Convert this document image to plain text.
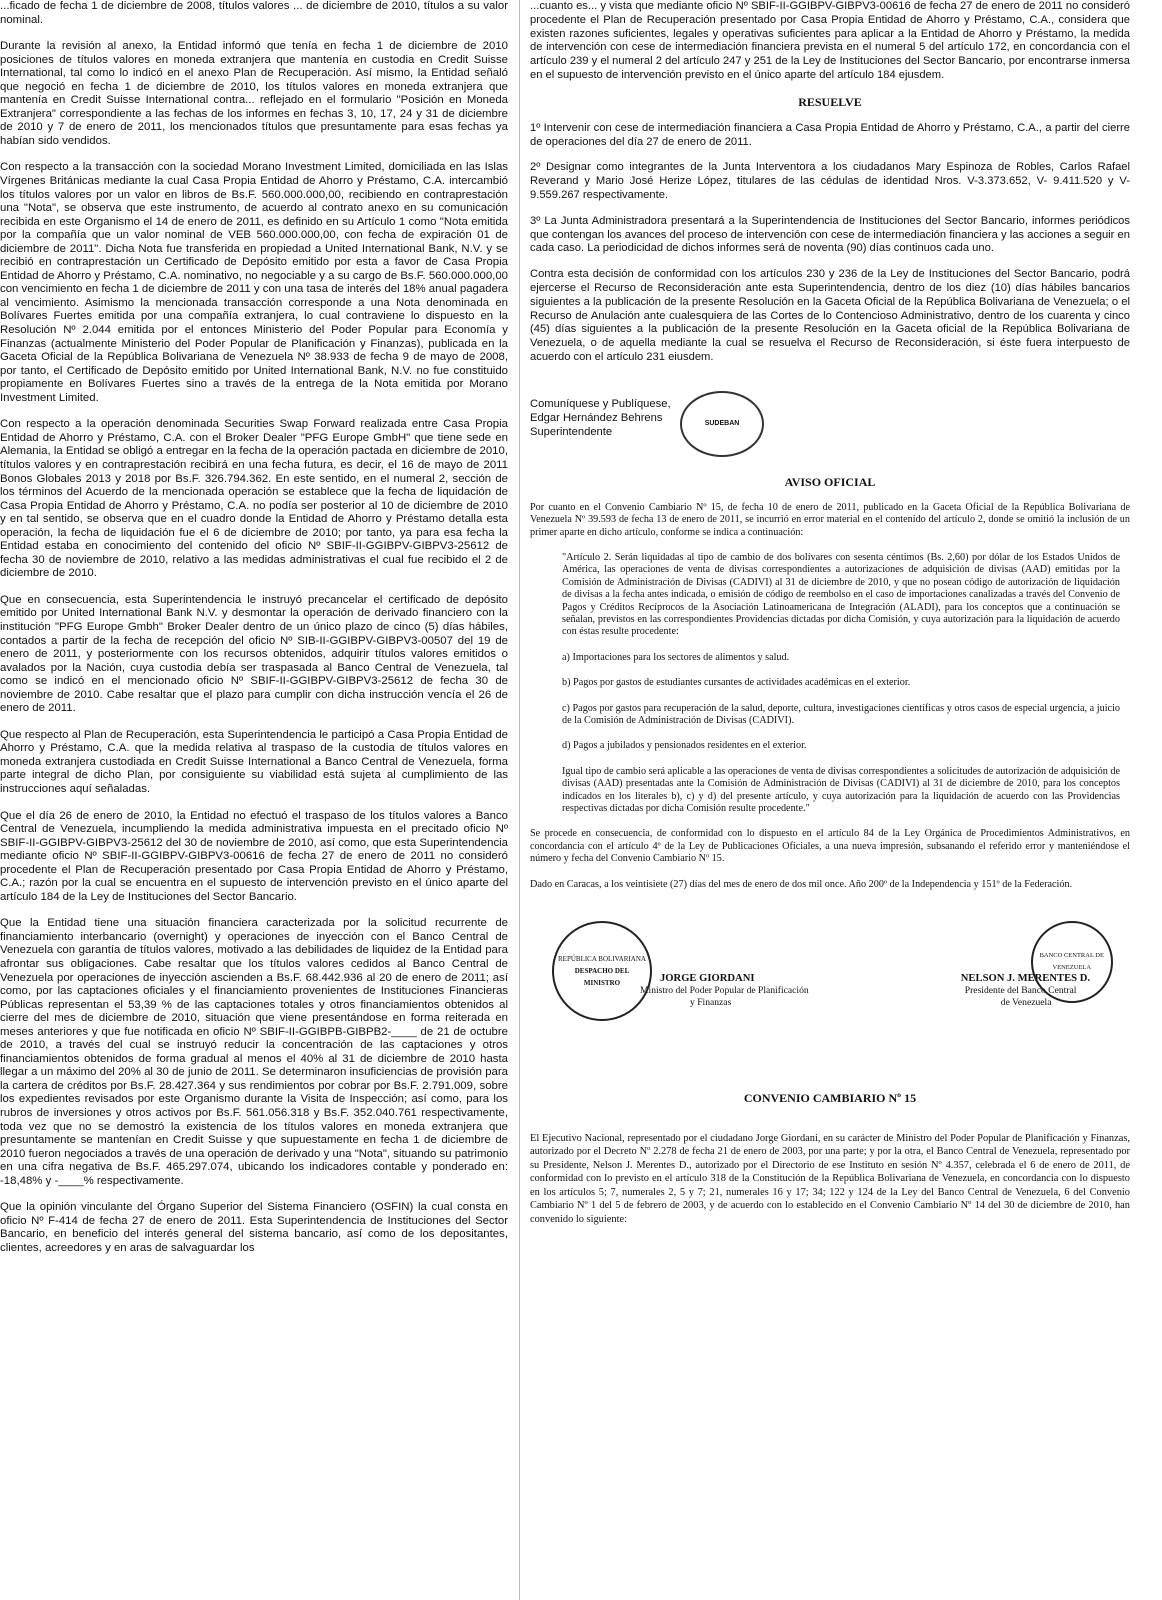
...ficado de fecha 1 de diciembre de 2008, títulos valores ... de diciembre de 2010, títulos a su valor nominal.

Durante la revisión al anexo, la Entidad informó que tenía en fecha 1 de diciembre de 2010 posiciones de títulos valores en moneda extranjera que mantenía en custodia en Credit Suisse International, tal como lo indicó en el anexo Plan de Recuperación. Así mismo, la Entidad señaló que negoció en fecha 1 de diciembre de 2010, los títulos valores en moneda extranjera que mantenía en Credit Suisse International contra... reflejado en el formulario "Posición en Moneda Extranjera" correspondiente a las fechas de los informes en fechas 3, 10, 17, 24 y 31 de diciembre de 2010 y 7 de enero de 2011, los mencionados títulos que presuntamente para esas fechas ya habían sido vendidos.

Con respecto a la transacción con la sociedad Morano Investment Limited, domiciliada en las Islas Vírgenes Británicas mediante la cual Casa Propia Entidad de Ahorro y Préstamo, C.A. intercambió los títulos valores por un valor en libros de Bs.F. 560.000.000,00, recibiendo en contraprestación una "Nota", se observa que este instrumento, de acuerdo al contrato anexo en su comunicación recibida en este Organismo el 14 de enero de 2011, es definido en su Artículo 1 como "Nota emitida por la compañía que un valor nominal de VEB 560.000.000,00, con fecha de expiración 01 de diciembre de 2011". Dicha Nota fue transferida en propiedad a United International Bank, N.V. y se recibió en contraprestación un Certificado de Depósito emitido por esta a favor de Casa Propia Entidad de Ahorro y Préstamo, C.A. nominativo, no negociable y a su cargo de Bs.F. 560.000.000,00 con vencimiento en fecha 1 de diciembre de 2011 y con una tasa de interés del 18% anual pagadera al vencimiento. Asimismo la mencionada transacción corresponde a una Nota denominada en Bolívares Fuertes emitida por una compañía extranjera, lo cual contraviene lo dispuesto en la Resolución Nº 2.044 emitida por el entonces Ministerio del Poder Popular para Economía y Finanzas (actualmente Ministerio del Poder Popular de Planificación y Finanzas), publicada en la Gaceta Oficial de la República Bolivariana de Venezuela Nº 38.933 de fecha 9 de mayo de 2008, por tanto, el Certificado de Depósito emitido por United International Bank, N.V. no fue constituido propiamente en Bolívares Fuertes sino a través de la entrega de la Nota emitida por Morano Investment Limited.

Con respecto a la operación denominada Securities Swap Forward realizada entre Casa Propia Entidad de Ahorro y Préstamo, C.A. con el Broker Dealer "PFG Europe GmbH" que tiene sede en Alemania, la Entidad se obligó a entregar en la fecha de la operación pactada en diciembre de 2010, títulos valores y en contraprestación recibirá en una fecha futura, es decir, el 16 de mayo de 2011 Bonos Globales 2013 y 2018 por Bs.F. 326.794.362. En este sentido, en el numeral 2, sección de los términos del Acuerdo de la mencionada operación se establece que la fecha de liquidación de Casa Propia Entidad de Ahorro y Préstamo, C.A. no podía ser posterior al 10 de diciembre de 2010 y en tal sentido, se observa que en el cuadro donde la Entidad de Ahorro y Préstamo detalla esta operación, la fecha de liquidación fue el 6 de diciembre de 2010; por tanto, ya para esa fecha la Entidad estaba en conocimiento del contenido del oficio Nº SBIF-II-GGIBPV-GIBPV3-25612 de fecha 30 de noviembre de 2010, relativo a las medidas administrativas el cual fue recibido el 2 de diciembre de 2010.

Que en consecuencia, esta Superintendencia le instruyó precancelar el certificado de depósito emitido por United International Bank N.V. y desmontar la operación de derivado financiero con la institución "PFG Europe Gmbh" Broker Dealer dentro de un único plazo de cinco (5) días hábiles, contados a partir de la fecha de recepción del oficio Nº SIB-II-GGIBPV-GIBPV3-00507 del 19 de enero de 2011, y posteriormente con los recursos obtenidos, adquirir títulos valores emitidos o avalados por la Nación, cuya custodia debía ser traspasada al Banco Central de Venezuela, tal como se indicó en el mencionado oficio Nº SBIF-II-GGIBPV-GIBPV3-25612 de fecha 30 de noviembre de 2010. Cabe resaltar que el plazo para cumplir con dicha instrucción vencía el 26 de enero de 2011.

Que respecto al Plan de Recuperación, esta Superintendencia le participó a Casa Propia Entidad de Ahorro y Préstamo, C.A. que la medida relativa al traspaso de la custodia de títulos valores en moneda extranjera custodiada en Credit Suisse International a Banco Central de Venezuela, forma parte integral de dicho Plan, por consiguiente su viabilidad está sujeta al cumplimiento de las instrucciones aquí señaladas.

Que el día 26 de enero de 2010, la Entidad no efectuó el traspaso de los títulos valores a Banco Central de Venezuela, incumpliendo la medida administrativa impuesta en el precitado oficio Nº SBIF-II-GGIBPV-GIBPV3-25612 del 30 de noviembre de 2010, así como, que esta Superintendencia mediante oficio Nº SBIF-II-GGIBPV-GIBPV3-00616 de fecha 27 de enero de 2011 no consideró procedente el Plan de Recuperación presentado por Casa Propia Entidad de Ahorro y Préstamo, C.A.; razón por la cual se encuentra en el supuesto de intervención previsto en el único aparte del artículo 184 de la Ley de Instituciones del Sector Bancario.

Que la Entidad tiene una situación financiera caracterizada por la solicitud recurrente de financiamiento interbancario (overnight) y operaciones de inyección con el Banco Central de Venezuela con garantía de títulos valores, motivado a las debilidades de liquidez de la Entidad para afrontar sus obligaciones. Cabe resaltar que los títulos valores cedidos al Banco Central de Venezuela por operaciones de inyección ascienden a Bs.F. 68.442.936 al 20 de enero de 2011; así como, por las captaciones oficiales y el financiamiento provenientes de Instituciones Financieras Públicas representan el 53,39 % de las captaciones totales y otros financiamientos obtenidos al cierre del mes de diciembre de 2010, situación que viene presentándose en forma reiterada en meses anteriores y que fue notificada en oficio Nº SBIF-II-GGIBPB-GIBPB2-____ de 21 de octubre de 2010, a través del cual se instruyó reducir la concentración de las captaciones y otros financiamientos obtenidos de forma gradual al menos el 40% al 31 de diciembre de 2010 hasta llegar a un máximo del 20% al 30 de junio de 2011. Se determinaron insuficiencias de provisión para la cartera de créditos por Bs.F. 28.427.364 y sus rendimientos por cobrar por Bs.F. 2.791.009, sobre los expedientes revisados por este Organismo durante la Visita de Inspección; así como, para los rubros de inversiones y otros activos por Bs.F. 561.056.318 y Bs.F. 352.040.761 respectivamente, toda vez que no se demostró la existencia de los títulos valores en moneda extranjera que presuntamente se mantenían en Credit Suisse y que supuestamente en fecha 1 de diciembre de 2010 fueron negociados a través de una operación de derivado y una "Nota", situando su patrimonio en una cifra negativa de Bs.F. 465.297.074, ubicando los indicadores contable y ponderado en: -18,48% y -____% respectivamente.

Que la opinión vinculante del Órgano Superior del Sistema Financiero (OSFIN) la cual consta en oficio Nº F-414 de fecha 27 de enero de 2011. Esta Superintendencia de Instituciones del Sector Bancario, en beneficio del interés general del sistema bancario, así como de los depositantes, clientes, acreedores y en aras de salvaguardar los

...cuanto es... y vista que mediante oficio Nº SBIF-II-GGIBPV-GIBPV3-00616 de fecha 27 de enero de 2011 no consideró procedente el Plan de Recuperación presentado por Casa Propia Entidad de Ahorro y Préstamo, C.A., considera que existen razones suficientes, legales y operativas suficientes para aplicar a la Entidad de Ahorro y Préstamo, la medida de intervención con cese de intermediación financiera prevista en el numeral 5 del artículo 172, en concordancia con el artículo 239 y el numeral 2 del artículo 247 y 251 de la Ley de Instituciones del Sector Bancario, por encontrarse inmersa en el supuesto de intervención previsto en el único aparte del artículo 184 ejusdem.

RESUELVE

1º Intervenir con cese de intermediación financiera a Casa Propia Entidad de Ahorro y Préstamo, C.A., a partir del cierre de operaciones del día 27 de enero de 2011.

2º Designar como integrantes de la Junta Interventora a los ciudadanos Mary Espinoza de Robles, Carlos Rafael Reverand y Mario José Herize López, titulares de las cédulas de identidad Nros. V-3.373.652, V- 9.411.520 y V- 9.559.267 respectivamente.

3º La Junta Administradora presentará a la Superintendencia de Instituciones del Sector Bancario, informes periódicos que contengan los avances del proceso de intervención con cese de intermediación financiera y las acciones a seguir en cada caso. La periodicidad de dichos informes será de noventa (90) días continuos cada uno.

Contra esta decisión de conformidad con los artículos 230 y 236 de la Ley de Instituciones del Sector Bancario, podrá ejercerse el Recurso de Reconsideración ante esta Superintendencia, dentro de los diez (10) días hábiles bancarios siguientes a la publicación de la presente Resolución en la Gaceta Oficial de la República Bolivariana de Venezuela; o el Recurso de Anulación ante cualesquiera de las Cortes de lo Contencioso Administrativo, dentro de los cuarenta y cinco (45) días siguientes a la publicación de la presente Resolución en la Gaceta oficial de la República Bolivariana de Venezuela, o de aquella mediante la cual se resuelva el Recurso de Reconsideración, si éste fuera interpuesto de acuerdo con el artículo 231 eiusdem.

Comuníquese y Publíquese,
Edgar Hernández Behrens
Superintendente
SUDEBAN
AVISO OFICIAL

Por cuanto en el Convenio Cambiario Nº 15, de fecha 10 de enero de 2011, publicado en la Gaceta Oficial de la República Bolivariana de Venezuela Nº 39.593 de fecha 13 de enero de 2011, se incurrió en error material en el contenido del artículo 2, donde se omitió la inclusión de un primer aparte en dicho artículo, conforme se indica a continuación:

"Artículo 2. Serán liquidadas al tipo de cambio de dos bolívares con sesenta céntimos (Bs. 2,60) por dólar de los Estados Unidos de América, las operaciones de venta de divisas correspondientes a autorizaciones de adquisición de divisas (AAD) emitidas por la Comisión de Administración de Divisas (CADIVI) al 31 de diciembre de 2010, y que no posean código de autorización de liquidación de divisas a la fecha antes indicada, o emisión de código de reembolso en el caso de importaciones canalizadas a través del Convenio de Pagos y Créditos Recíprocos de la Asociación Latinoamericana de Integración (ALADI), para los conceptos que a continuación se señalan, previstos en las correspondientes Providencias dictadas por dicha Comisión, y cuya autorización para la liquidación de acuerdo con éstas resulte procedente:

a) Importaciones para los sectores de alimentos y salud.

b) Pagos por gastos de estudiantes cursantes de actividades académicas en el exterior.

c) Pagos por gastos para recuperación de la salud, deporte, cultura, investigaciones científicas y otros casos de especial urgencia, a juicio de la Comisión de Administración de Divisas (CADIVI).

d) Pagos a jubilados y pensionados residentes en el exterior.

Igual tipo de cambio será aplicable a las operaciones de venta de divisas correspondientes a solicitudes de autorización de adquisición de divisas (AAD) presentadas ante la Comisión de Administración de Divisas (CADIVI) al 31 de diciembre de 2010, para los conceptos indicados en los literales b), c) y d) del presente artículo, y cuya autorización para la liquidación de acuerdo con las Providencias respectivas dictadas por dicha Comisión resulte procedente."

Se procede en consecuencia, de conformidad con lo dispuesto en el artículo 84 de la Ley Orgánica de Procedimientos Administrativos, en concordancia con el artículo 4º de la Ley de Publicaciones Oficiales, a una nueva impresión, subsanando el referido error y manteniéndose el número y fecha del Convenio Cambiario Nº 15.

Dado en Caracas, a los veintisiete (27) días del mes de enero de dos mil once. Año 200º de la Independencia y 151º de la Federación.

REPÚBLICA BOLIVARIANA
DESPACHO DEL
MINISTRO	JORGE GIORDANI
Ministro del Poder Popular de Planificación
y Finanzas
BANCO CENTRAL DE VENEZUELA
NELSON J. MERENTES D.
Presidente del Banco Central
de Venezuela
CONVENIO CAMBIARIO Nº 15

El Ejecutivo Nacional, representado por el ciudadano Jorge Giordani, en su carácter de Ministro del Poder Popular de Planificación y Finanzas, autorizado por el Decreto Nº 2.278 de fecha 21 de enero de 2003, por una parte; y por la otra, el Banco Central de Venezuela, representado por su Presidente, Nelson J. Merentes D., autorizado por el Directorio de ese Instituto en sesión Nº 4.357, celebrada el 6 de enero de 2011, de conformidad con lo previsto en el artículo 318 de la Constitución de la República Bolivariana de Venezuela, en concordancia con lo dispuesto en los artículos 5; 7, numerales 2, 5 y 7; 21, numerales 16 y 17; 34; 122 y 124 de la Ley del Banco Central de Venezuela, 6 del Convenio Cambiario Nº 1 del 5 de febrero de 2003, y de acuerdo con lo establecido en el Convenio Cambiario Nº 14 del 30 de diciembre de 2010, han convenido lo siguiente:
